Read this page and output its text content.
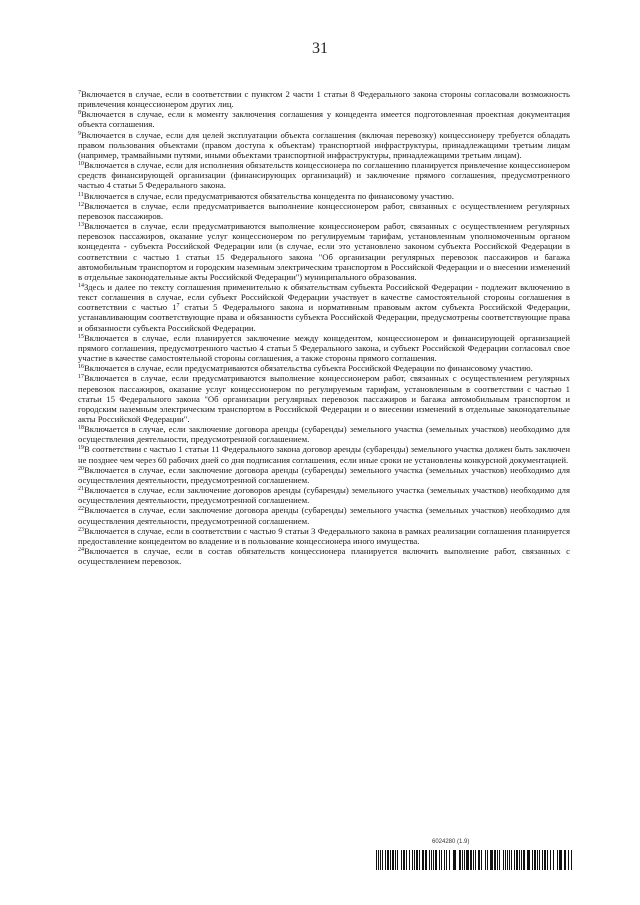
31

$^7$Включается в случае, если в соответствии с пунктом 2 части 1 статьи 8 Федерального закона стороны согласовали возможность привлечения концессионером других лиц.

$^8$Включается в случае, если к моменту заключения соглашения у концедента имеется подготовленная проектная документация объекта соглашения.

$^9$Включается в случае, если для целей эксплуатации объекта соглашения (включая перевозку) концессионеру требуется обладать правом пользования объектами (правом доступа к объектам) транспортной инфраструктуры, принадлежащими третьим лицам (например, трамвайными путями, иными объектами транспортной инфраструктуры, принадлежащими третьим лицам).

$^{10}$Включается в случае, если для исполнения обязательств концессионера по соглашению планируется привлечение концессионером средств финансирующей организации (финансирующих организаций) и заключение прямого соглашения, предусмотренного частью 4 статьи 5 Федерального закона.

$^{11}$Включается в случае, если предусматриваются обязательства концедента по финансовому участию.

$^{12}$Включается в случае, если предусматривается выполнение концессионером работ, связанных с осуществлением регулярных перевозок пассажиров.

$^{13}$Включается в случае, если предусматриваются выполнение концессионером работ, связанных с осуществлением регулярных перевозок пассажиров, оказание услуг концессионером по регулируемым тарифам, установленным уполномоченным органом концедента - субъекта Российской Федерации или (в случае, если это установлено законом субъекта Российской Федерации в соответствии с частью 1 статьи 15 Федерального закона "Об организации регулярных перевозок пассажиров и багажа автомобильным транспортом и городским наземным электрическим транспортом в Российской Федерации и о внесении изменений в отдельные законодательные акты Российской Федерации") муниципального образования.

$^{14}$Здесь и далее по тексту соглашения применительно к обязательствам субъекта Российской Федерации - подлежит включению в текст соглашения в случае, если субъект Российской Федерации участвует в качестве самостоятельной стороны соглашения в соответствии с частью $1^7$ статьи 5 Федерального закона и нормативным правовым актом субъекта Российской Федерации, устанавливающим соответствующие права и обязанности субъекта Российской Федерации, предусмотрены соответствующие права и обязанности субъекта Российской Федерации.

$^{15}$Включается в случае, если планируется заключение между концедентом, концессионером и финансирующей организацией прямого соглашения, предусмотренного частью 4 статьи 5 Федерального закона, и субъект Российской Федерации согласовал свое участие в качестве самостоятельной стороны соглашения, а также стороны прямого соглашения.

$^{16}$Включается в случае, если предусматриваются обязательства субъекта Российской Федерации по финансовому участию.

$^{17}$Включается в случае, если предусматриваются выполнение концессионером работ, связанных с осуществлением регулярных перевозок пассажиров, оказание услуг концессионером по регулируемым тарифам, установленным в соответствии с частью 1 статьи 15 Федерального закона "Об организации регулярных перевозок пассажиров и багажа автомобильным транспортом и городским наземным электрическим транспортом в Российской Федерации и о внесении изменений в отдельные законодательные акты Российской Федерации".

$^{18}$Включается в случае, если заключение договора аренды (субаренды) земельного участка (земельных участков) необходимо для осуществления деятельности, предусмотренной соглашением.

$^{19}$В соответствии с частью 1 статьи 11 Федерального закона договор аренды (субаренды) земельного участка должен быть заключен не позднее чем через 60 рабочих дней со дня подписания соглашения, если иные сроки не установлены конкурсной документацией.

$^{20}$Включается в случае, если заключение договора аренды (субаренды) земельного участка (земельных участков) необходимо для осуществления деятельности, предусмотренной соглашением.

$^{21}$Включается в случае, если заключение договоров аренды (субаренды) земельного участка (земельных участков) необходимо для осуществления деятельности, предусмотренной соглашением.

$^{22}$Включается в случае, если заключение договора аренды (субаренды) земельного участка (земельных участков) необходимо для осуществления деятельности, предусмотренной соглашением.

$^{23}$Включается в случае, если в соответствии с частью 9 статьи 3 Федерального закона в рамках реализации соглашения планируется предоставление концедентом во владение и в пользование концессионера иного имущества.

$^{24}$Включается в случае, если в состав обязательств концессионера планируется включить выполнение работ, связанных с осуществлением перевозок.

6024280 (1.9)
